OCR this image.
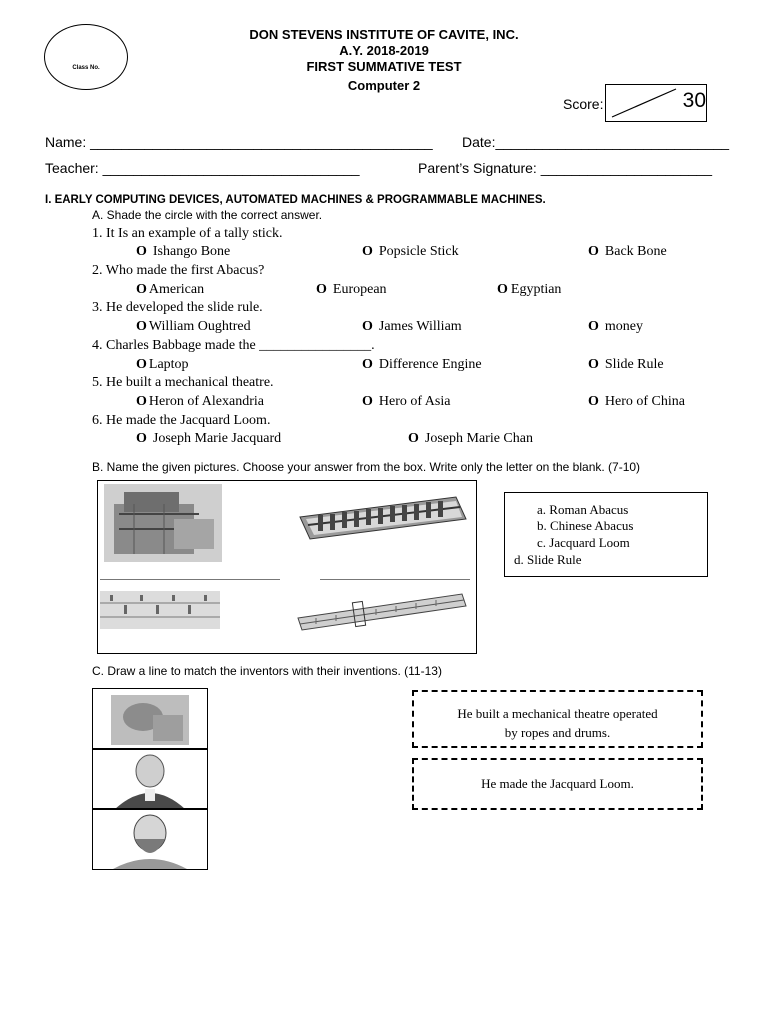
Class No.
DON STEVENS INSTITUTE OF CAVITE, INC.
A.Y. 2018-2019
FIRST SUMMATIVE TEST
Computer 2
Score:	30
Name: ____________________________________________ Date:______________________________
Teacher: _________________________________	Parent’s Signature: ______________________
I. EARLY COMPUTING DEVICES, AUTOMATED MACHINES & PROGRAMMABLE MACHINES.
A. Shade the circle with the correct answer.
1. It Is an example of a tally stick.
O Ishango Bone	O Popsicle Stick	O Back Bone
2. Who made the first Abacus?
O American	O European	O Egyptian
3. He developed the slide rule.
O William Oughtred	O James William	O money
4. Charles Babbage made the ________________.
O Laptop	O Difference Engine	O Slide Rule
5. He built a mechanical theatre.
O Heron of Alexandria	O Hero of Asia	O Hero of China
6. He made the Jacquard Loom.
O Joseph Marie Jacquard	O Joseph Marie Chan
B. Name the given pictures. Choose your answer from the box. Write only the letter on the blank. (7-10)
a. Roman Abacus
b. Chinese Abacus
c. Jacquard Loom
d. Slide Rule
C. Draw a line to match the inventors with their inventions. (11-13)
He built a mechanical theatre operated
by ropes and drums.
He made the Jacquard Loom.
